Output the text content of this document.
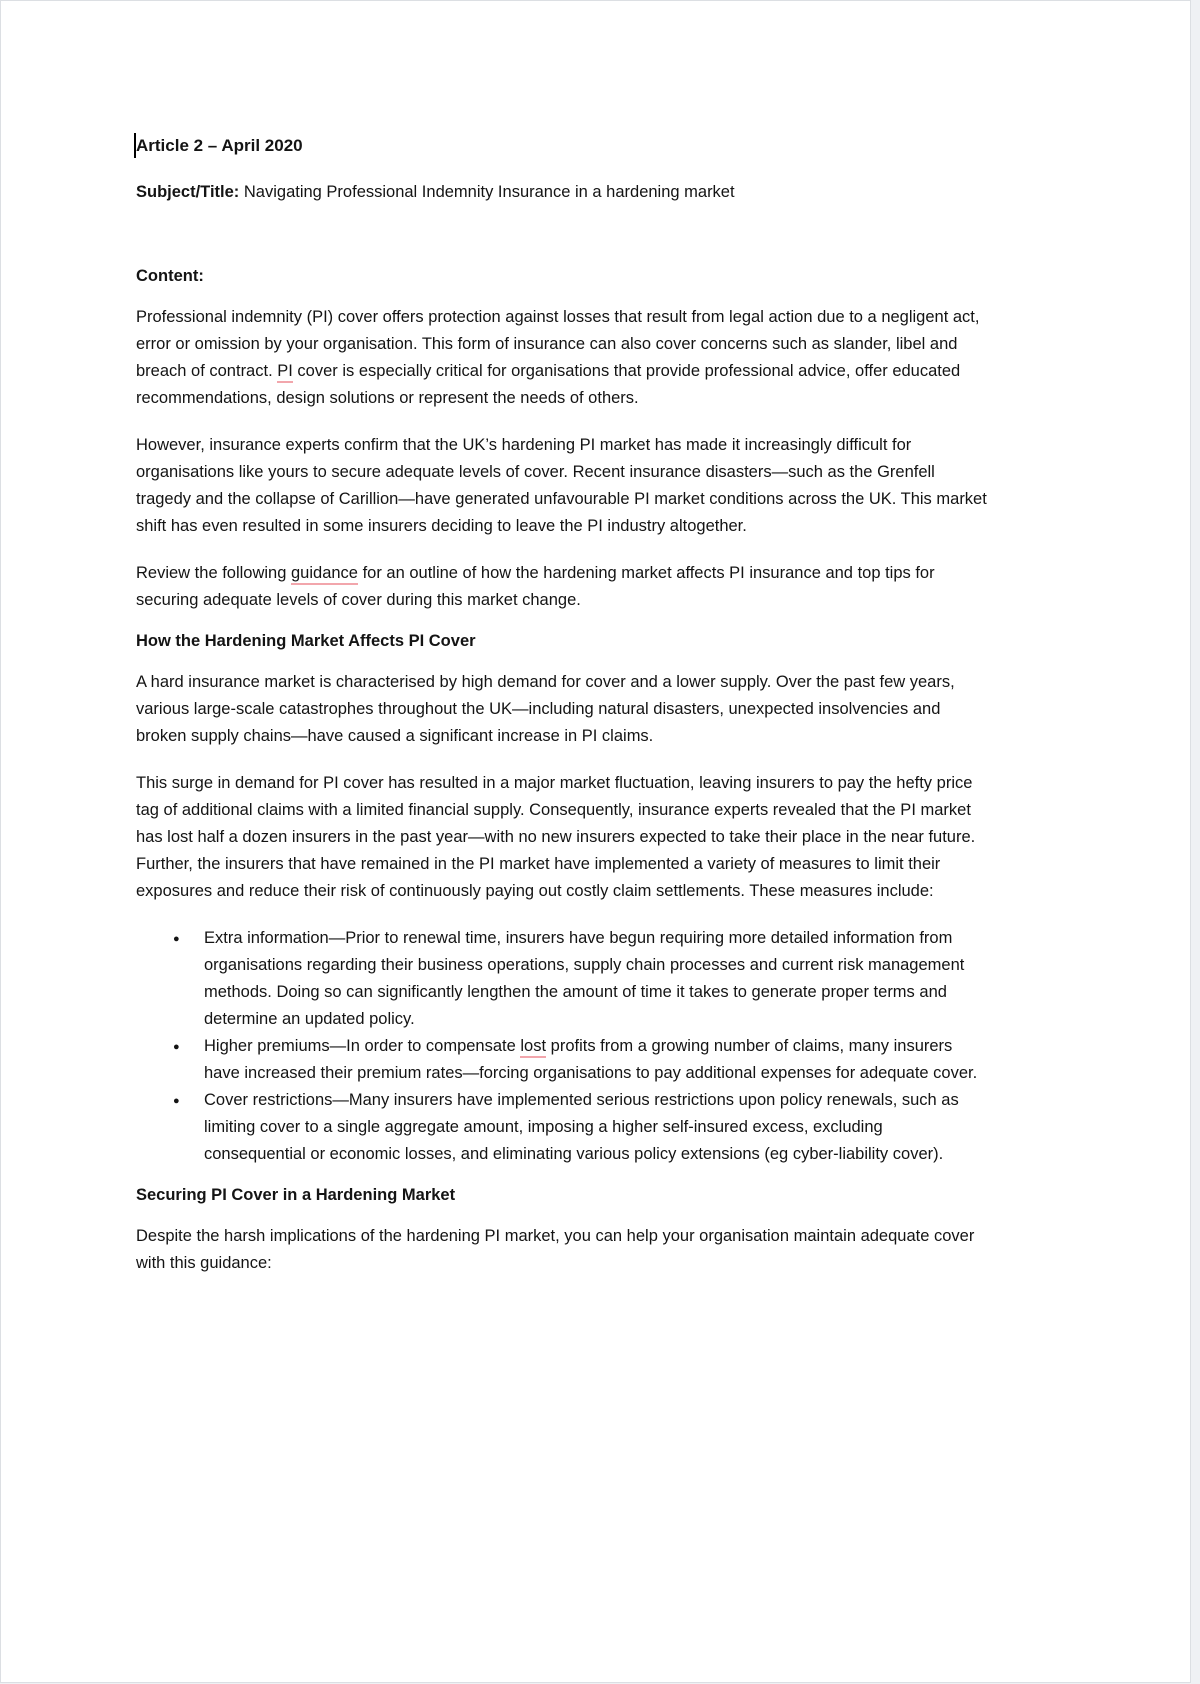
Article 2 – April 2020

Subject/Title: Navigating Professional Indemnity Insurance in a hardening market

Content:

Professional indemnity (PI) cover offers protection against losses that result from legal action due to a negligent act, error or omission by your organisation. This form of insurance can also cover concerns such as slander, libel and breach of contract. PI cover is especially critical for organisations that provide professional advice, offer educated recommendations, design solutions or represent the needs of others.

However, insurance experts confirm that the UK’s hardening PI market has made it increasingly difficult for organisations like yours to secure adequate levels of cover. Recent insurance disasters—such as the Grenfell tragedy and the collapse of Carillion—have generated unfavourable PI market conditions across the UK. This market shift has even resulted in some insurers deciding to leave the PI industry altogether.

Review the following guidance for an outline of how the hardening market affects PI insurance and top tips for securing adequate levels of cover during this market change.

How the Hardening Market Affects PI Cover

A hard insurance market is characterised by high demand for cover and a lower supply. Over the past few years, various large-scale catastrophes throughout the UK—including natural disasters, unexpected insolvencies and broken supply chains—have caused a significant increase in PI claims.

This surge in demand for PI cover has resulted in a major market fluctuation, leaving insurers to pay the hefty price tag of additional claims with a limited financial supply. Consequently, insurance experts revealed that the PI market has lost half a dozen insurers in the past year—with no new insurers expected to take their place in the near future. Further, the insurers that have remained in the PI market have implemented a variety of measures to limit their exposures and reduce their risk of continuously paying out costly claim settlements. These measures include:

● Extra information—Prior to renewal time, insurers have begun requiring more detailed information from organisations regarding their business operations, supply chain processes and current risk management methods. Doing so can significantly lengthen the amount of time it takes to generate proper terms and determine an updated policy.
● Higher premiums—In order to compensate lost profits from a growing number of claims, many insurers have increased their premium rates—forcing organisations to pay additional expenses for adequate cover.
● Cover restrictions—Many insurers have implemented serious restrictions upon policy renewals, such as limiting cover to a single aggregate amount, imposing a higher self-insured excess, excluding consequential or economic losses, and eliminating various policy extensions (eg cyber-liability cover).

Securing PI Cover in a Hardening Market

Despite the harsh implications of the hardening PI market, you can help your organisation maintain adequate cover with this guidance:
